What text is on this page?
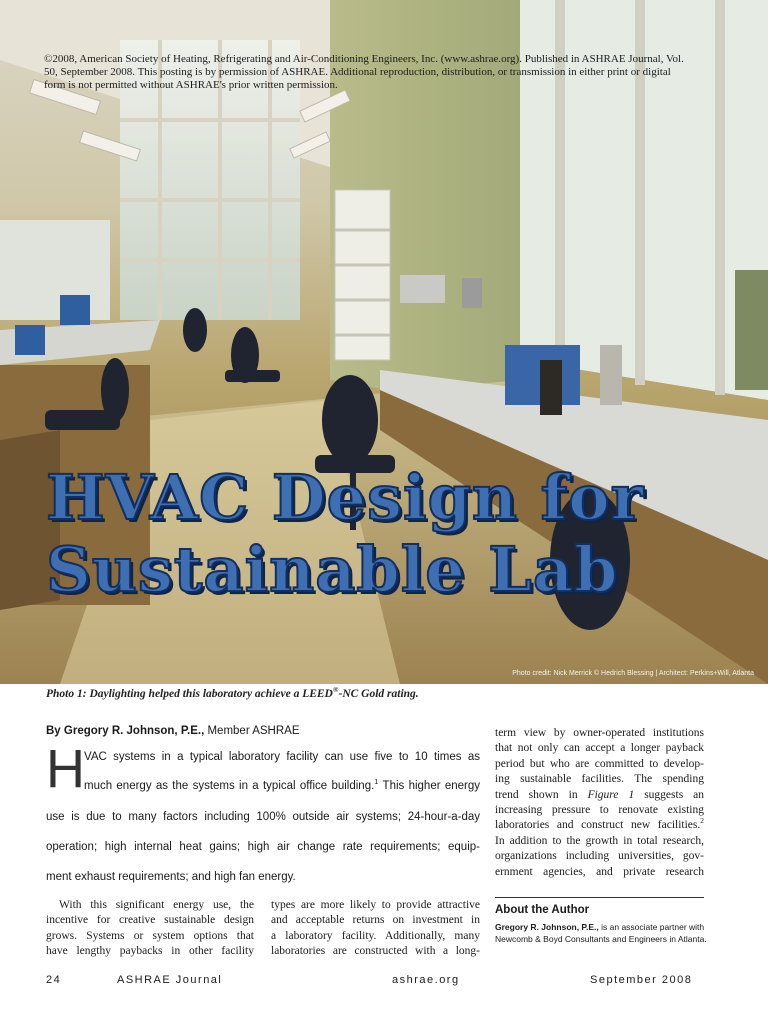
©2008, American Society of Heating, Refrigerating and Air-Conditioning Engineers, Inc. (www.ashrae.org). Published in ASHRAE Journal, Vol. 50, September 2008. This posting is by permission of ASHRAE. Additional reproduction, distribution, or transmission in either print or digital form is not permitted without ASHRAE's prior written permission.
HVAC Design for
Sustainable Lab
Photo credit: Nick Merrick © Hedrich Blessing | Architect: Perkins+Will, Atlanta
Photo 1: Daylighting helped this laboratory achieve a LEED®-NC Gold rating.
By Gregory R. Johnson, P.E., Member ASHRAE
H VAC systems in a typical laboratory facility can use five to 10 times as
much energy as the systems in a typical office building.$^1$ This higher energy
use is due to many factors including 100% outside air systems; 24-hour-a-day
operation; high internal heat gains; high air change rate requirements; equip-
ment exhaust requirements; and high fan energy.
With this significant energy use, the
incentive for creative sustainable design
grows. Systems or system options that
have lengthy paybacks in other facility
types are more likely to provide attractive
and acceptable returns on investment in
a laboratory facility. Additionally, many
laboratories are constructed with a long-
term view by owner-operated institutions
that not only can accept a longer payback
period but who are committed to develop-
ing sustainable facilities. The spending
trend shown in Figure 1 suggests an
increasing pressure to renovate existing
laboratories and construct new facilities.$^2$
In addition to the growth in total research,
organizations including universities, gov-
ernment agencies, and private research
About the Author
Gregory R. Johnson, P.E., is an associate partner with Newcomb & Boyd Consultants and Engineers in Atlanta.
24	ASHRAE Journal	ashrae.org	September 2008
